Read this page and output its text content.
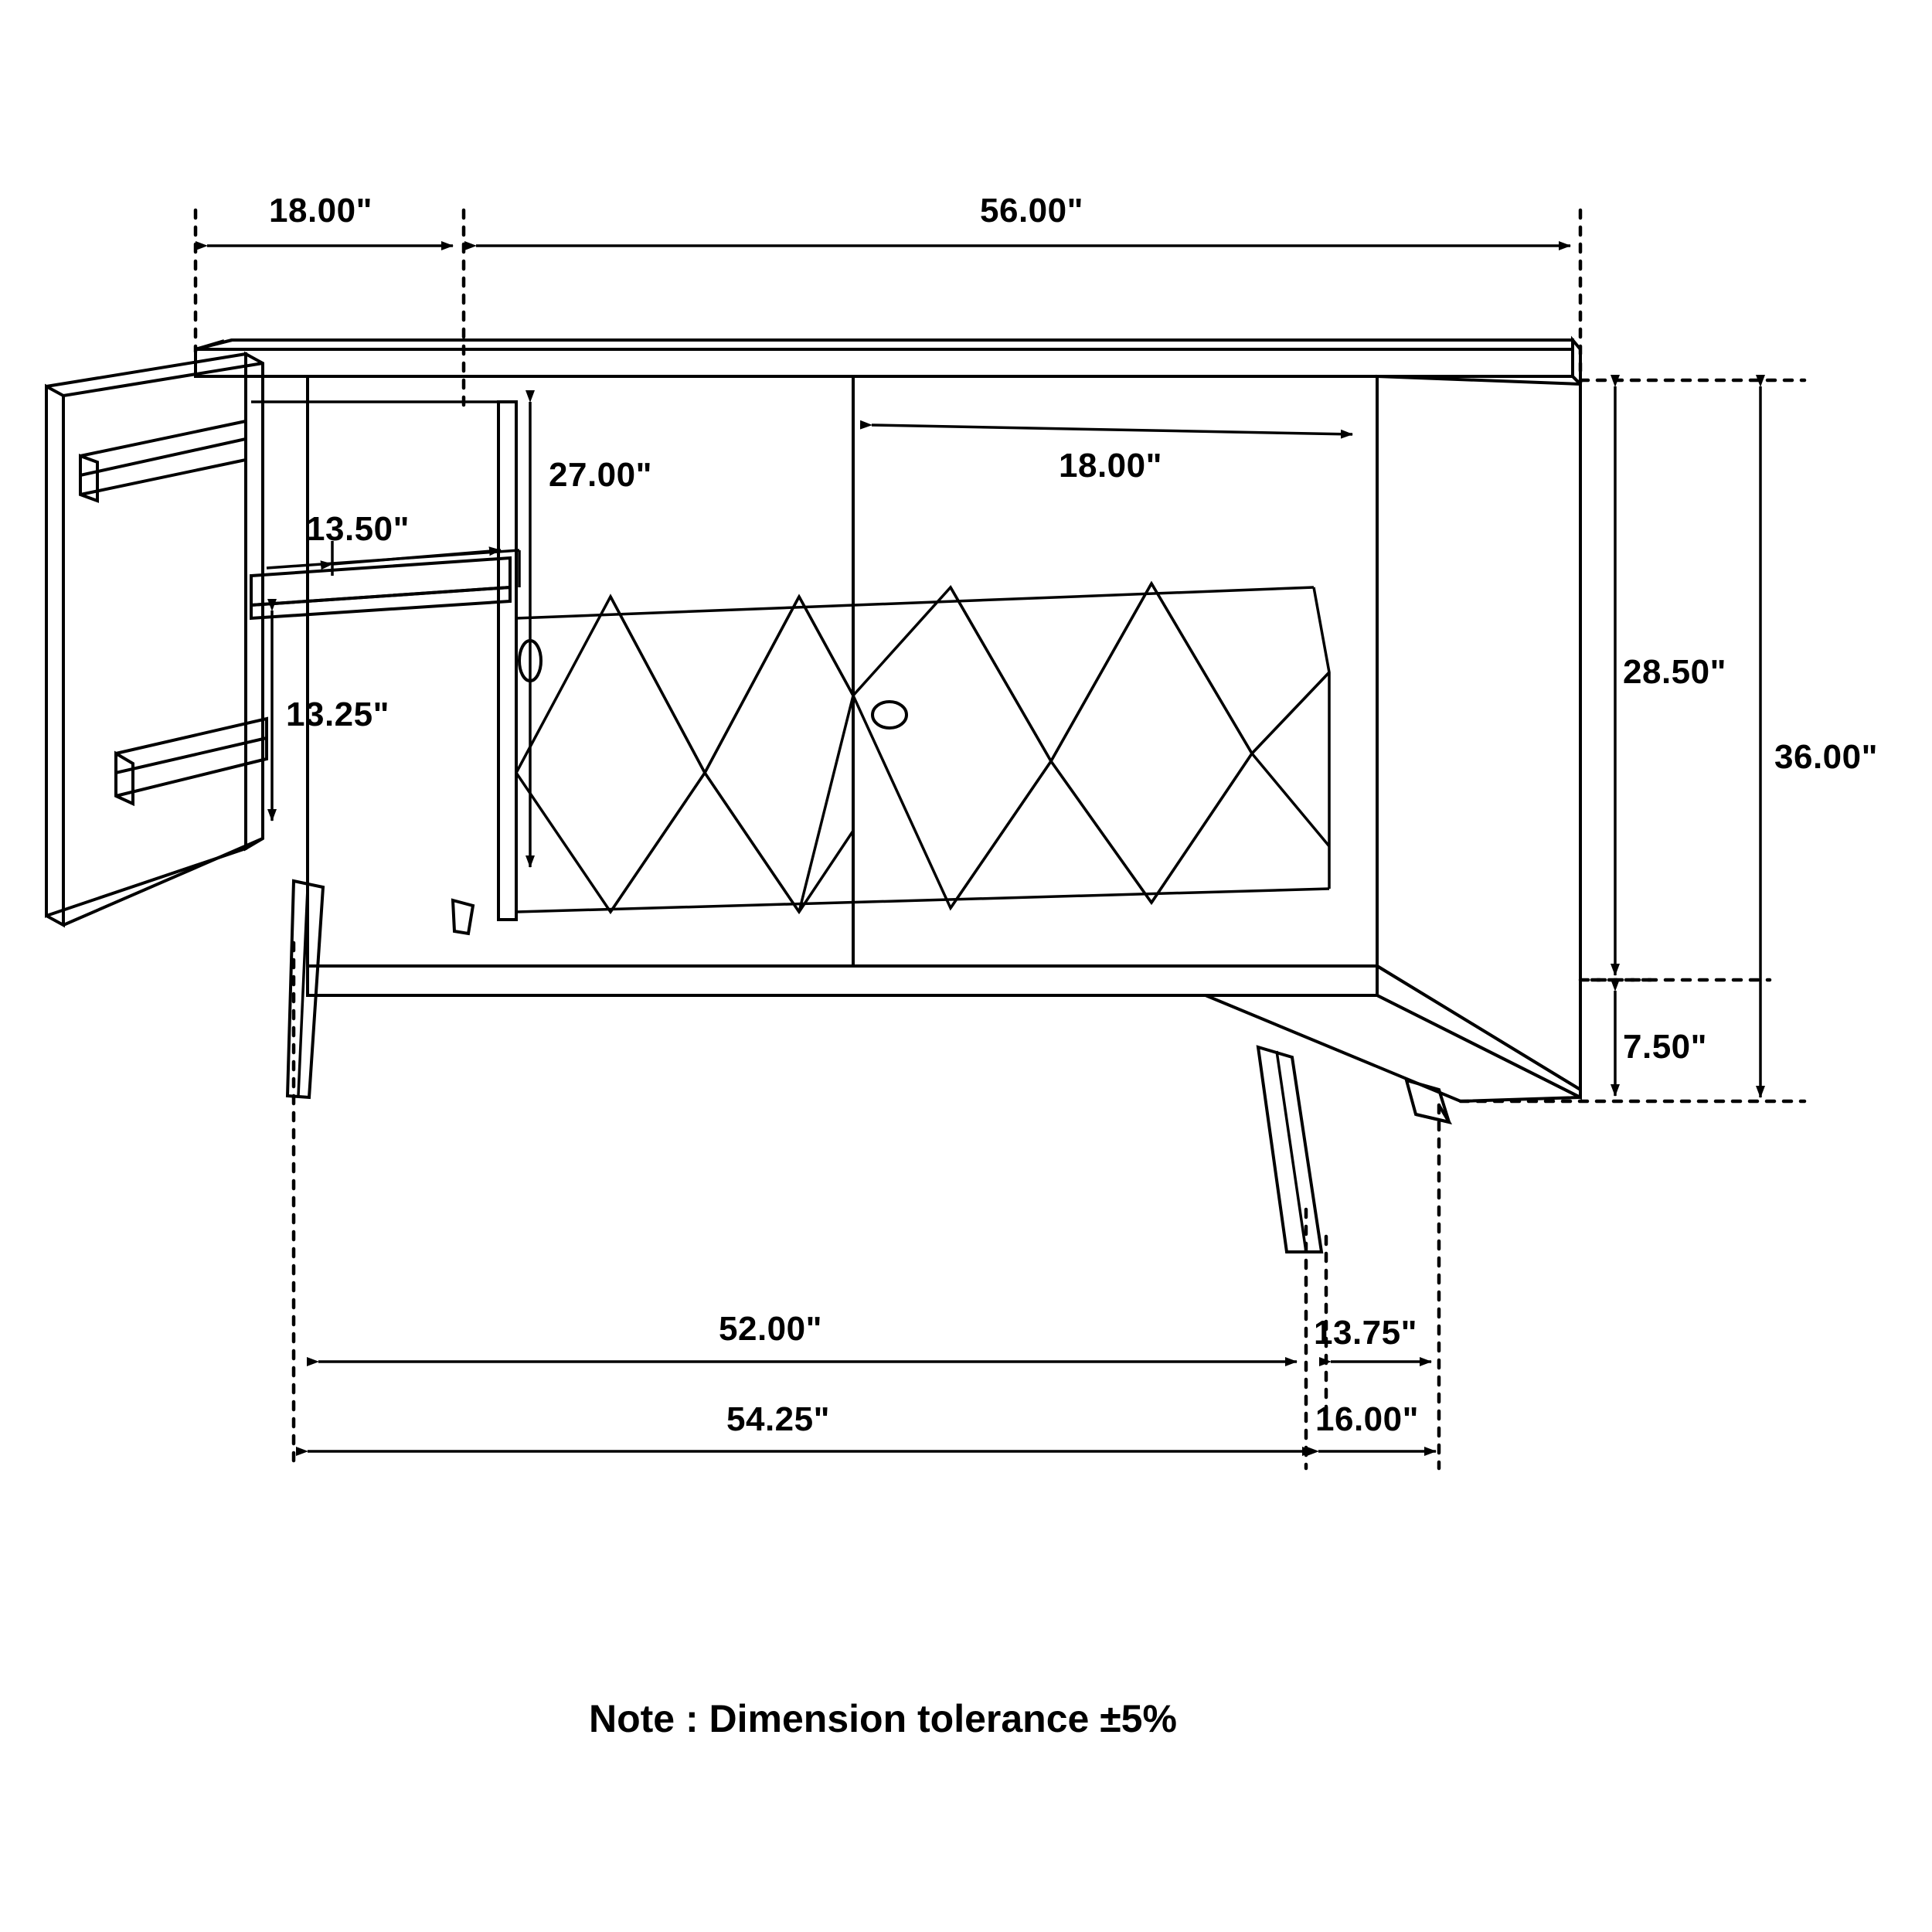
18.00"	56.00"
18.00"
27.00"
13.50"
13.25"
28.50"
36.00"
7.50"
52.00"
54.25"
13.75"
16.00"
Note : Dimension tolerance ±5%
